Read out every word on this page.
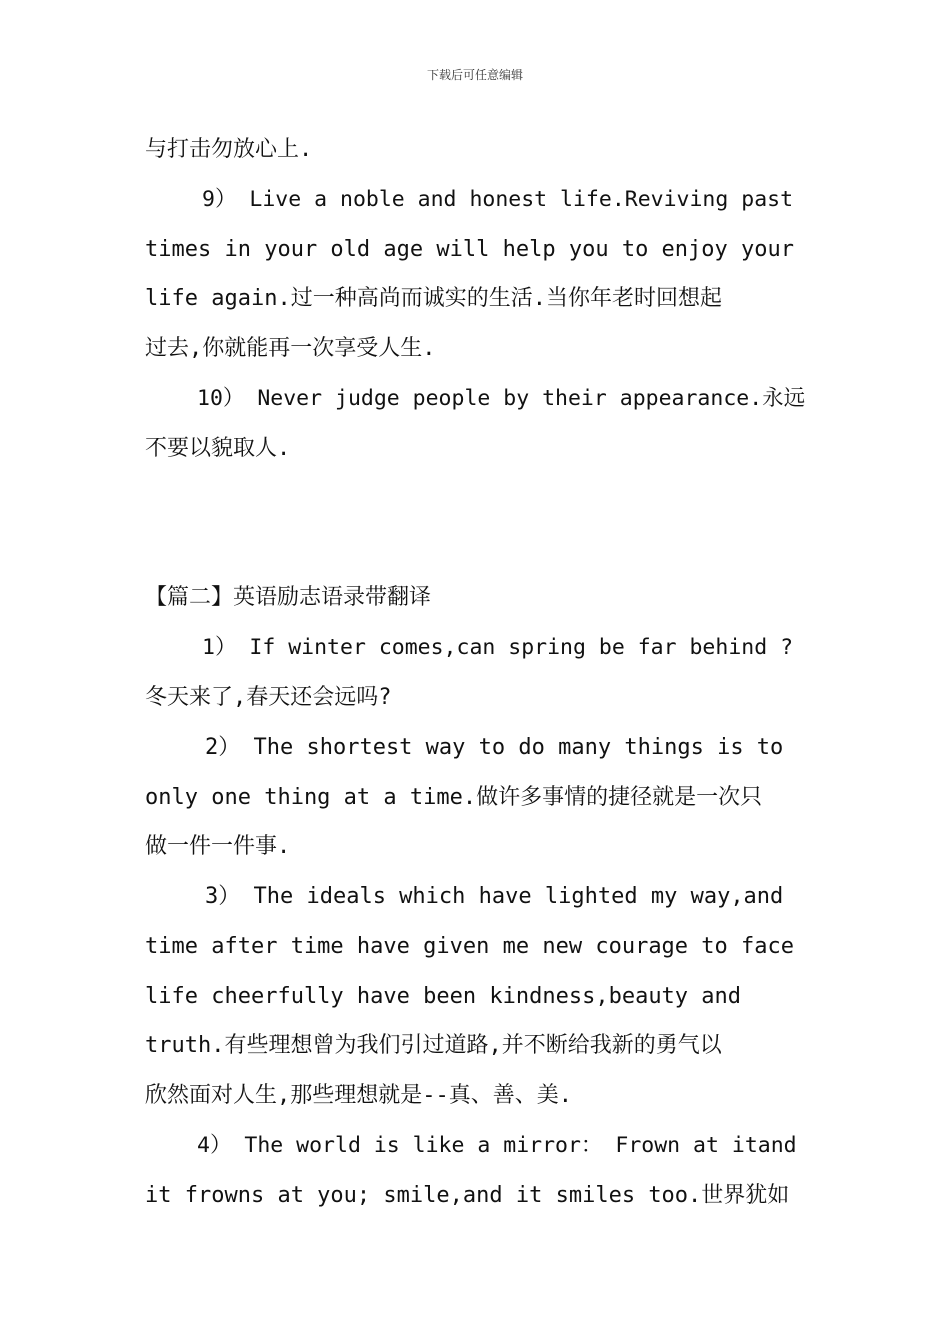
下载后可任意编辑
与打击勿放心上.
9） Live a noble and honest life.Reviving past
times in your old age will help you to enjoy your
life again.过一种高尚而诚实的生活.当你年老时回想起
过去,你就能再一次享受人生.
10） Never judge people by their appearance.永远
不要以貌取人.
【篇二】英语励志语录带翻译
1） If winter comes,can spring be far behind ?
冬天来了,春天还会远吗?
2） The shortest way to do many things is to
only one thing at a time.做许多事情的捷径就是一次只
做一件一件事.
3） The ideals which have lighted my way,and
time after time have given me new courage to face
life cheerfully have been kindness,beauty and
truth.有些理想曾为我们引过道路,并不断给我新的勇气以
欣然面对人生,那些理想就是--真、善、美.
4） The world is like a mirror： Frown at itand
it frowns at you; smile,and it smiles too.世界犹如
